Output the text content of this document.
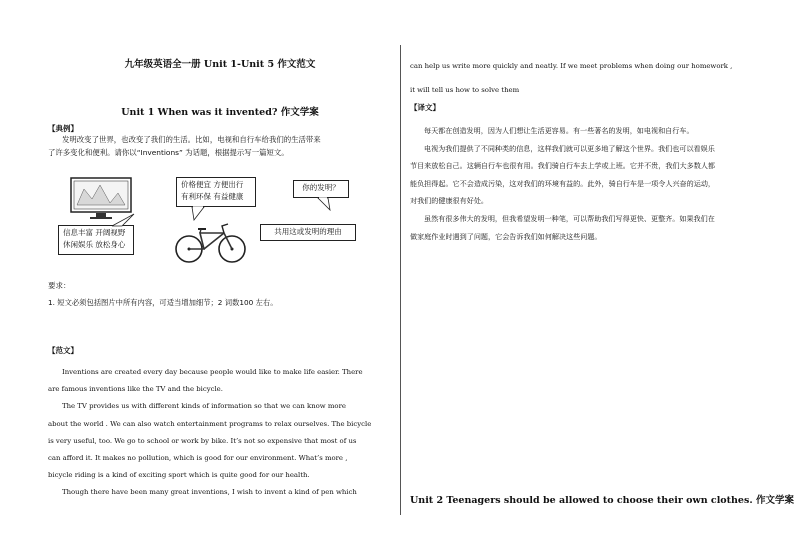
九年级英语全一册 Unit 1-Unit 5 作文范文
Unit 1 When was it invented? 作文学案
【典例】

发明改变了世界，也改变了我们的生活。比如，电视和自行车给我们的生活带来

了许多变化和便利。请你以“Inventions” 为话题，根据提示写一篇短文。

信息丰富 开阔视野
休闲娱乐 放松身心
价格便宜 方便出行
有利环保 有益健康
你的发明？
共用这或发明的理由
要求：
1. 短文必须包括图片中所有内容，可适当增加细节；2 词数100 左右。
【范文】

Inventions are created every day because people would like to make life easier. There

are famous inventions like the TV and the bicycle.

The TV provides us with different kinds of information so that we can know more

about the world . We can also watch entertainment programs to relax ourselves. The bicycle

is very useful, too. We go to school or work by bike. It’s not so expensive that most of us

can afford it. It makes no pollution, which is good for our environment. What’s more ,

bicycle riding is a kind of exciting sport which is quite good for our health.

Though there have been many great inventions, I wish to invent a kind of pen which

can help us write more quickly and neatly. If we meet problems when doing our homework ,

it will tell us how to solve them

【译文】

每天都在创造发明，因为人们想让生活更容易。有一些著名的发明，如电视和自行车。

电视为我们提供了不同种类的信息，这样我们就可以更多地了解这个世界。我们也可以看娱乐

节目来放松自己。这辆自行车也很有用。我们骑自行车去上学或上班。它并不贵，我们大多数人都

能负担得起。它不会造成污染，这对我们的环境有益的。此外，骑自行车是一项令人兴奋的运动，

对我们的健康很有好处。

虽然有很多伟大的发明，但我希望发明一种笔，可以帮助我们写得更快、更整齐。如果我们在

做家庭作业时遇到了问题，它会告诉我们如何解决这些问题。

Unit 2 Teenagers should be allowed to choose their own clothes. 作文学案
